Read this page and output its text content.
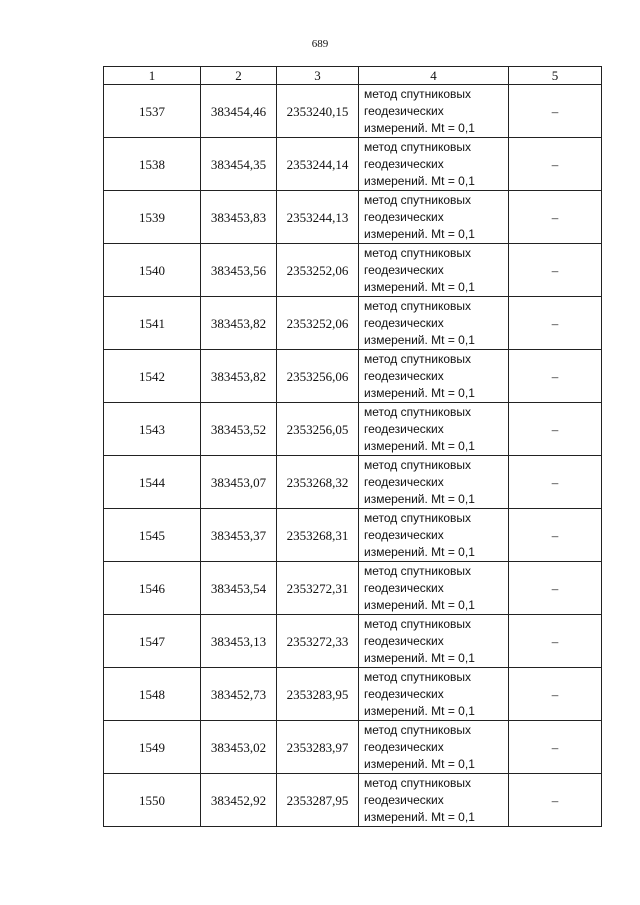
689
1	2	3	4	5
1537	383454,46	2353240,15	метод спутниковых
геодезических
измерений. Mt = 0,1	–
1538	383454,35	2353244,14	метод спутниковых
геодезических
измерений. Mt = 0,1	–
1539	383453,83	2353244,13	метод спутниковых
геодезических
измерений. Mt = 0,1	–
1540	383453,56	2353252,06	метод спутниковых
геодезических
измерений. Mt = 0,1	–
1541	383453,82	2353252,06	метод спутниковых
геодезических
измерений. Mt = 0,1	–
1542	383453,82	2353256,06	метод спутниковых
геодезических
измерений. Mt = 0,1	–
1543	383453,52	2353256,05	метод спутниковых
геодезических
измерений. Mt = 0,1	–
1544	383453,07	2353268,32	метод спутниковых
геодезических
измерений. Mt = 0,1	–
1545	383453,37	2353268,31	метод спутниковых
геодезических
измерений. Mt = 0,1	–
1546	383453,54	2353272,31	метод спутниковых
геодезических
измерений. Mt = 0,1	–
1547	383453,13	2353272,33	метод спутниковых
геодезических
измерений. Mt = 0,1	–
1548	383452,73	2353283,95	метод спутниковых
геодезических
измерений. Mt = 0,1	–
1549	383453,02	2353283,97	метод спутниковых
геодезических
измерений. Mt = 0,1	–
1550	383452,92	2353287,95	метод спутниковых
геодезических
измерений. Mt = 0,1	–
